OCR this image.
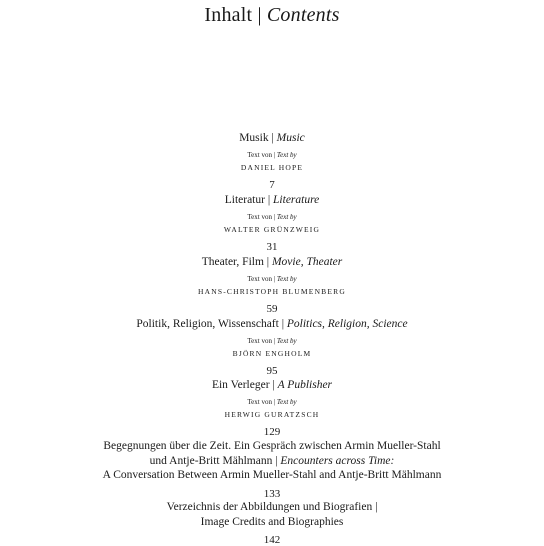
Inhalt | Contents
Musik | Music
Text von | Text by
DANIEL HOPE
7
Literatur | Literature
Text von | Text by
WALTER GRÜNZWEIG
31
Theater, Film | Movie, Theater
Text von | Text by
HANS-CHRISTOPH BLUMENBERG
59
Politik, Religion, Wissenschaft | Politics, Religion, Science
Text von | Text by
BJÖRN ENGHOLM
95
Ein Verleger | A Publisher
Text von | Text by
HERWIG GURATZSCH
129
Begegnungen über die Zeit. Ein Gespräch zwischen Armin Mueller-Stahl
und Antje-Britt Mählmann | Encounters across Time:
A Conversation Between Armin Mueller-Stahl and Antje-Britt Mählmann
133
Verzeichnis der Abbildungen und Biografien |
Image Credits and Biographies
142
